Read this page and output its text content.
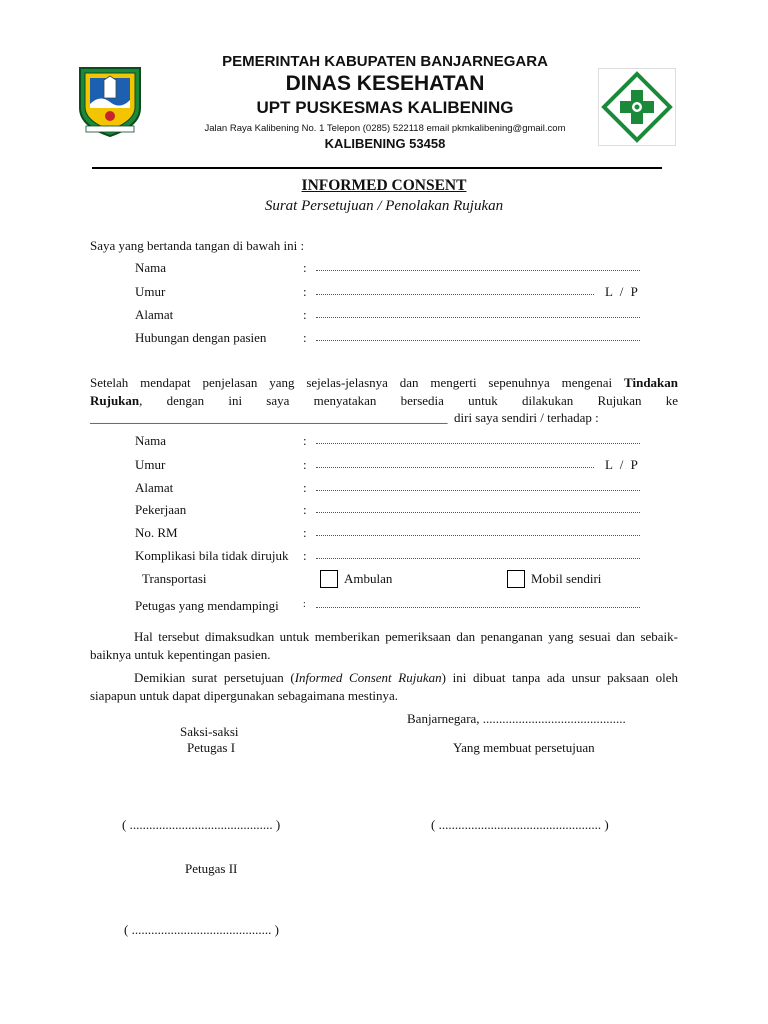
PEMERINTAH KABUPATEN BANJARNEGARA
DINAS KESEHATAN
UPT PUSKESMAS KALIBENING
Jalan Raya Kalibening No. 1 Telepon (0285) 522118 email pkmkalibening@gmail.com
KALIBENING 53458
INFORMED CONSENT
Surat Persetujuan / Penolakan Rujukan
Saya yang bertanda tangan di bawah ini :
Nama	:
Umur	:	L / P
Alamat	:
Hubungan dengan pasien	:
Setelah mendapat penjelasan yang sejelas-jelasnya dan mengerti sepenuhnya mengenai Tindakan
Rujukan, dengan ini saya menyatakan bersedia untuk dilakukan Rujukan ke
_______________________________________________________ diri saya sendiri / terhadap :
Nama	:
Umur	:	L / P
Alamat	:
Pekerjaan	:
No. RM	:
Komplikasi bila tidak dirujuk :
Transportasi	Ambulan	Mobil sendiri
Petugas yang mendampingi :
Hal tersebut dimaksudkan untuk memberikan pemeriksaan dan penanganan yang sesuai dan sebaik-baiknya untuk kepentingan pasien.
Demikian surat persetujuan (Informed Consent Rujukan) ini dibuat tanpa ada unsur paksaan oleh siapapun untuk dapat dipergunakan sebagaimana mestinya.
Banjarnegara, ............................................
Saksi-saksi
Petugas I	Yang membuat persetujuan
( ............................................ )	( .................................................. )
Petugas II
( ........................................... )
